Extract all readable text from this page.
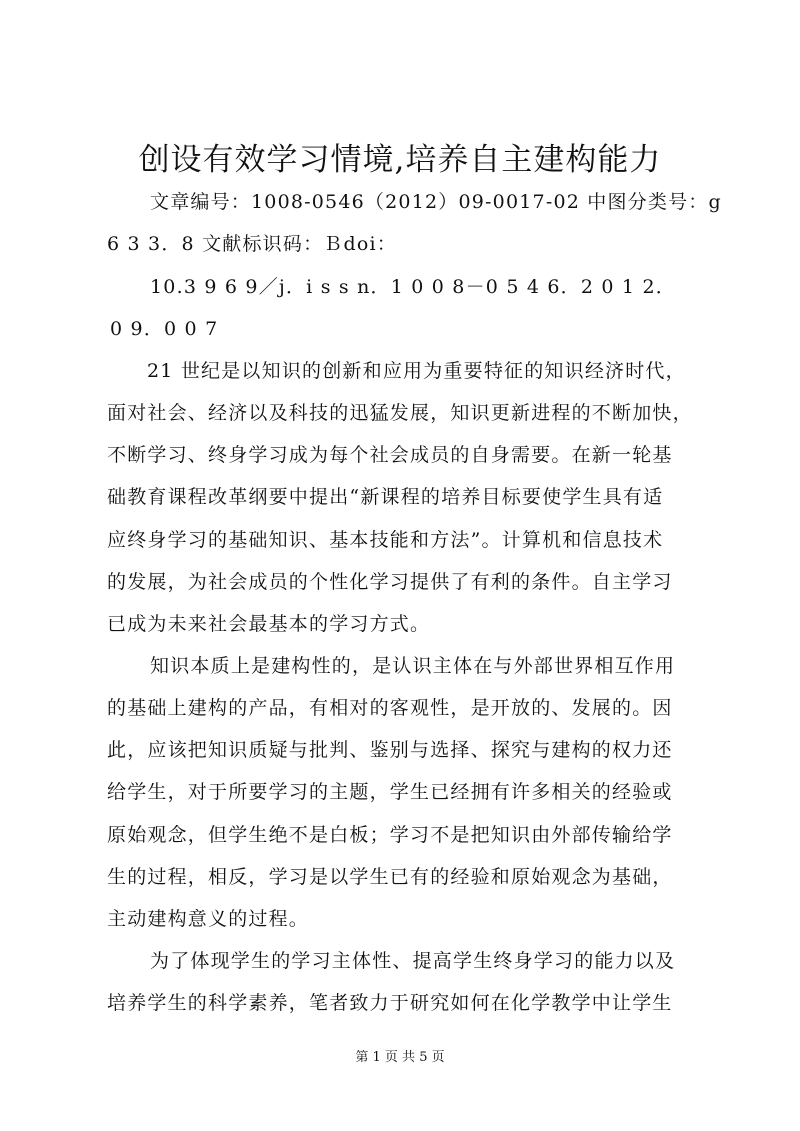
创设有效学习情境,培养自主建构能力
文章编号：1008-0546（2012）09-0017-02 中图分类号：g
6 3 3．8 文献标识码：Ｂdoi：
10.3 9 6 9／j．i s s n．1 0 0 8－0 5 4 6．2 0 1 2．
0 9．0 0 7
21 世纪是以知识的创新和应用为重要特征的知识经济时代，
面对社会、经济以及科技的迅猛发展，知识更新进程的不断加快，
不断学习、终身学习成为每个社会成员的自身需要。在新一轮基
础教育课程改革纲要中提出“新课程的培养目标要使学生具有适
应终身学习的基础知识、基本技能和方法”。计算机和信息技术
的发展，为社会成员的个性化学习提供了有利的条件。自主学习
已成为未来社会最基本的学习方式。
知识本质上是建构性的，是认识主体在与外部世界相互作用
的基础上建构的产品，有相对的客观性，是开放的、发展的。因
此，应该把知识质疑与批判、鉴别与选择、探究与建构的权力还
给学生，对于所要学习的主题，学生已经拥有许多相关的经验或
原始观念，但学生绝不是白板；学习不是把知识由外部传输给学
生的过程，相反，学习是以学生已有的经验和原始观念为基础，
主动建构意义的过程。
为了体现学生的学习主体性、提高学生终身学习的能力以及
培养学生的科学素养，笔者致力于研究如何在化学教学中让学生
第 1 页 共 5 页
